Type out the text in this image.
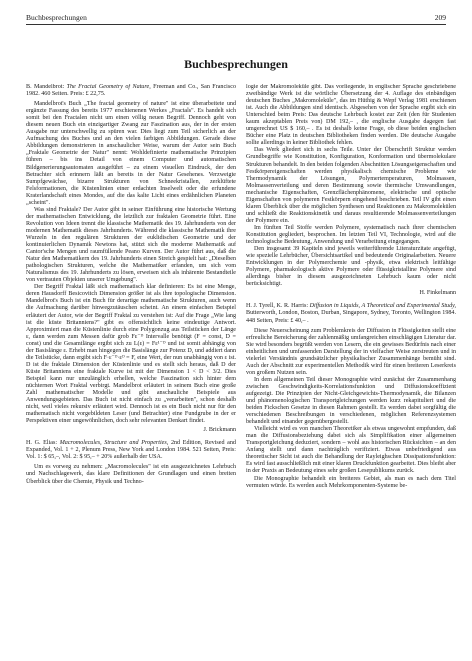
Buchbesprechungen	209
Buchbesprechungen

B. Mandelbrot: The Fractal Geometry of Nature, Freeman and Co., San Francisco 1982. 460 Seiten. Preis: £ 22,75.

Mandelbrot's Buch „The fractal geometry of nature" ist eine überarbeitete und ergänzte Fassung des bereits 1977 erschienenen Werkes „Fractals". Es handelt sich somit bei den Fractalen nicht um einen völlig neuen Begriff. Dennoch geht von diesem neuen Buch ein einzigartiger Zwang zur Faszination aus, der in der ersten Ausgabe nur unterschwellig zu spüren war. Dies liegt zum Teil sicherlich an der Aufmachung des Buches und an den vielen farbigen Abbildungen. Gerade diese Abbildungen demonstrieren in anschaulicher Weise, warum der Autor sein Buch „Fraktale Geometrie der Natur" nennt: Wohldefinierte mathematische Prinzipien führen – bis ins Detail von einem Computer und automatischen Bildgenerierungsautomaten ausgeführt – zu einem visuellen Eindruck, der den Betrachter sich erinnern läßt an bereits in der Natur Gesehenes. Verzweigte Sumpfgewächse, bizarre Strukturen von Schneekristallen, zerklüftete Felsformationen, die Küstenlinien einer erdachten Inselwelt oder die erfundene Kraterlandschaft eines Mondes, auf die das kalte Licht eines erdähnlichen Planeten „scheint".

Was sind Fraktale? Der Autor gibt in seiner Einführung eine historische Wertung der mathematischen Entwicklung, die letztlich zur fraktalen Geometrie führt. Eine Revolution von Ideen trennt die klassische Mathematik des 19. Jahrhunderts von der modernen Mathematik dieses Jahrhunderts. Während die klassische Mathematik ihre Wurzeln in den regulären Strukturen der euklidischen Geometrie und der kontinuierlichen Dynamik Newtons hat, stützt sich die moderne Mathematik auf Cantor'sche Mengen und raumfüllende Peano Kurven. Der Autor führt aus, daß die Natur den Mathematikern des 19. Jahrhunderts einen Streich gespielt hat: „Dieselben pathologischen Strukturen, welche die Mathematiker erfanden, um sich vom Naturalismus des 19. Jahrhunderts zu lösen, erweisen sich als inhärente Bestandteile von vertrauten Objekten unserer Umgebung".

Der Begriff Fraktal läßt sich mathematisch klar definieren: Es ist eine Menge, deren Hausdorff Besicovitch Dimension größer ist als ihre topologische Dimension. Mandelbrot's Buch ist ein Buch für derartige mathematische Strukturen, auch wenn die Aufmachung darüber hinwegzutäuschen scheint. An einem einfachen Beispiel erläutert der Autor, wie der Begriff Fraktal zu verstehen ist: Auf die Frage „Wie lang ist die küste Britanniens?" gibt es offensichtlich keine eindeutige Antwort. Approximiert man die Küstenlinie durch eine Polygonzug aus Teilstücken der Länge ε, dann werden zum Messen dafür grob Fε⁻ᴰ Intervalle benötigt (F = const, D = const) und die Gesamtlänge ergibt sich zu L(ε) = Fε¹⁻ᴰ und ist somit abhängig von der Basislänge ε. Erhebt man hingegen die Basislänge zur Potenz D, und addiert dann die Teilstücke, dann ergibt sich F·ε⁻ᴰ·εᴰ = F, eine Wert, der nun unabhängig von ε ist. D ist die fraktale Dimension der Küstenlinie und es stellt sich heraus, daß D der Küste Britanniens eine fraktale Kurve ist mit der Dimension 1 < D < 3/2. Dies Beispiel kann nur unzulänglich erhellen, welche Faszination sich hinter dem nüchternen Wort Fraktal verbirgt. Mandelbrot erläutert in seinem Buch eine große Zahl mathematischer Modelle und gibt anschauliche Beispiele aus Anwendungsgebieten. Das Buch ist nicht einfach zu „verarbeiten", schon deshalb nicht, weil vieles rekursiv erläutert wird. Dennoch ist es ein Buch nicht nur für den mathematisch nicht vorgebildeten Leser (und Betrachter) eine Fundgrube in der er Perspektiven einer ungewöhnlichen, doch sehr relevanten Denkart findet.

J. Brickmann

H. G. Elias: Macromolecules, Structure and Properties, 2nd Edition, Revised and Expanded, Vol. 1 + 2, Plenum Press, New York and London 1984. 521 Seiten, Preis: Vol. 1: $ 65,–, Vol. 2: $ 95,– + 20% außerhalb der USA.

Um es vorweg zu nehmen: „Macromolecules" ist ein ausgezeichnetes Lehrbuch und Nachschlagewerk, das klare Definitionen der Grundlagen und einen breiten Überblick über die Chemie, Physik und Techno-

logie der Makromoleküle gibt. Das vorliegende, in englischer Sprache geschriebene zweibändige Werk ist die wörtliche Übersetzung der 4. Auflage des einbändigen deutschen Buches „Makromoleküle", das im Hüthig & Wepf Verlag 1981 erschienen ist. Auch die Abbildungen sind identisch. Abgesehen von der Sprache ergibt sich ein Unterschied beim Preis: Das deutsche Lehrbuch kostet zur Zeit (den für Studenten kaum akzeptablen Preis von) DM 192,– , die englische Ausgabe dagegen fast umgerechnet US $ 160,– . Es ist deshalb keine Frage, ob diese beiden englischen Bücher eine Platz in deutschen Bibliotheken finden werden. Die deutsche Ausgabe sollte allerdings in keiner Bibliothek fehlen.

Das Werk gliedert sich in sechs Teile. Unter der Überschrift Struktur werden Grundbegriffe wie Konstitution, Konfiguration, Konformation und übermolekulare Strukturen behandelt. In den beiden folgenden Abschnitten Lösungseigenschaften und Festkörpereigenschaften werden physikalisch chemische Probleme wie Thermodynamik der Lösungen, Polymertemperaturen, Molmassen, Molmassenverteilung und deren Bestimmung sowie thermische Umwandlungen, mechanische Eigenschaften, Grenzflächenphänomene, elektrische und optische Eigenschaften von polymeren Festkörpern eingehend beschrieben. Teil IV gibt einen klaren Überblick über die möglichen Synthesen und Reaktionen zu Makromolekülen und schließt die Reaktionskinetik und daraus resultierende Molmassenverteilungen der Polymere ein.

Im fünften Teil Stoffe werden Polymere, systematisch nach ihrer chemischen Konstitution gegliedert, besprochen. Im letzten Teil VI, Technologie, wird auf die technologische Bedeutung, Anwendung und Verarbeitung eingegangen.

Den insgesamt 39 Kapiteln sind jeweils weiterführende Literaturzitate angefügt, wie spezielle Lehrbücher, Übersichtsartikel und bedeutende Originalarbeiten. Neuere Entwicklungen in der Polymerchemie und -physik, etwa elektrisch leitfähige Polymere, pharmakologisch aktive Polymere oder flüssigkristalline Polymere sind allerdings bisher in diesem ausgezeichneten Lehrbuch kaum oder nicht berücksichtigt.

H. Finkelmann

H. J. Tyrell, K. R. Harris: Diffusion in Liquids, A Theoretical and Experimental Study, Butterworth, London, Boston, Durban, Singapore, Sydney, Toronto, Wellington 1984. 448 Seiten, Preis: £ 40,– .

Diese Neuerscheinung zum Problemkreis der Diffusion in Flüssigkeiten stellt eine erfreuliche Bereicherung der zahlenmäßig umfangreichen einschlägigen Literatur dar. Sie wird besonders begrüßt werden von Lesern, die ein gewisses Bedürfnis nach einer einheitlichen und umfassenden Darstellung der in vielfacher Weise zerstreuten und in vielerlei Verständnis grundsätzlicher physikalischer Zusammenhänge bemüht sind. Auch der Abschnitt zur experimentellen Methodik wird für einen breiteren Leserkreis von großem Nutzen sein.

In dem allgemeinen Teil dieser Monographie wird zunächst der Zusammenhang zwischen Geschwindigkeits-Korrelationsfunktion und Diffusionskoeffizient aufgezeigt. Die Prinzipien der Nicht-Gleichgewichts-Thermodynamik, die Bilanzen und phänomenologischen Transportgleichungen werden kurz rekapituliert und die beiden Fickschen Gesetze in diesen Rahmen gestellt. Es werden dabei sorgfältig die verschiedenen Beschreibungen in verschiedenen, möglichen Referenzsystemen behandelt und einander gegenübergestellt.

Vielleicht wird es von manchen Theoretiker als etwas ungewohnt empfunden, daß man die Diffusionsbeziehung dabei sich als Simplifikation einer allgemeinen Transportgleichung deduziert, sondern – wohl aus historischen Rücksichten – an den Anfang stellt und dann nachträglich verifiziert. Etwas unbefriedigend aus theoretischer Sicht ist auch die Behandlung der Rayleighschen Dissipationsfunktion: Es wird fast ausschließlich mit einer klaren Druckfunktion gearbeitet. Dies bleibt aber in der Praxis an Bedeutung eines sehr großen Lesepublikums zurück.

Die Monographie behandelt ein breiteres Gebiet, als man es nach dem Titel vermuten würde. Es werden auch Mehrkomponenten-Systeme be-
